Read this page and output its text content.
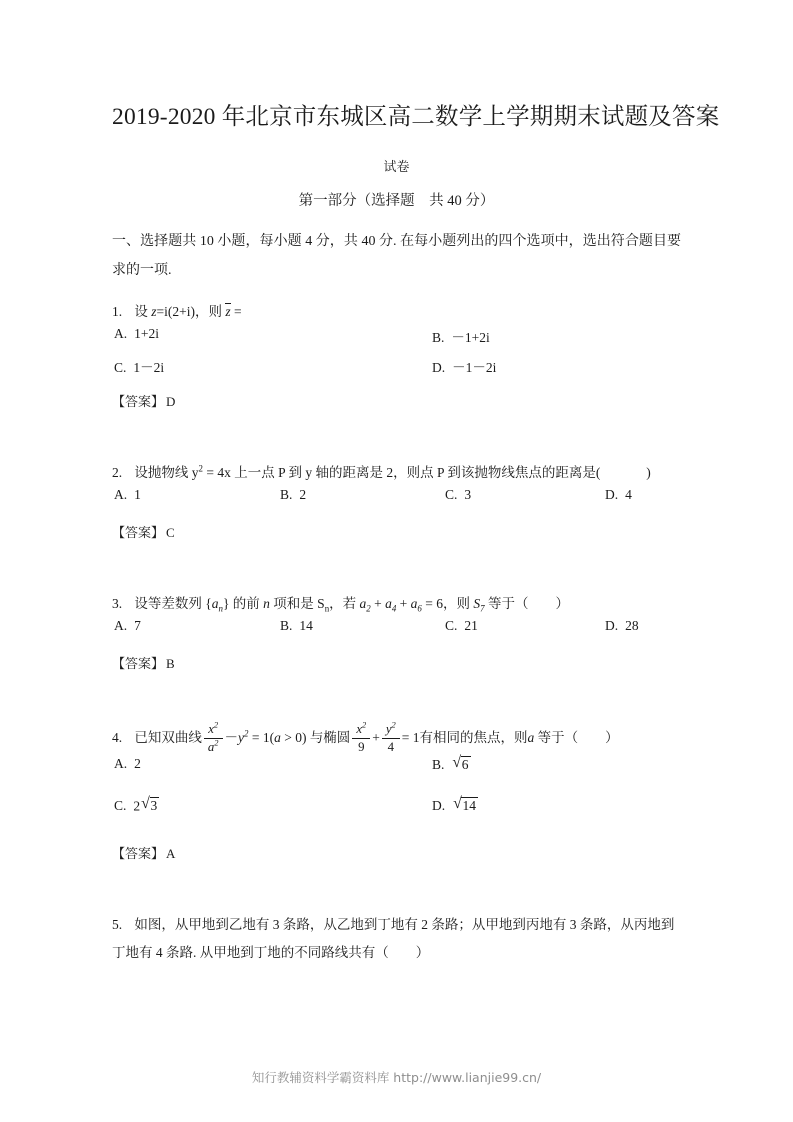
2019-2020 年北京市东城区高二数学上学期期末试题及答案
试卷
第一部分（选择题　共 40 分）
一、选择题共 10 小题，每小题 4 分，共 40 分. 在每小题列出的四个选项中，选出符合题目要求的一项.
1. 设 z=i(2+i)，则 z =
A. 1+2i	B. －1+2i
C. 1－2i	D. －1－2i
【答案】 D
2. 设抛物线 $y^2 = 4x$ 上一点 P 到 y 轴的距离是 2，则点 P 到该抛物线焦点的距离是(　　　)
A. 1	B. 2	C. 3	D. 4
【答案】 C
3. 设等差数列 $\{a_n\}$ 的前 n 项和是 $S_n$，若 $a_2 + a_4 + a_6 = 6$，则 $S_7$ 等于（　　）
A. 7	B. 14	C. 21	D. 28
【答案】 B
4. 已知双曲线 $\frac{x^2}{a^2} -y^2 = 1(a > 0)$ 与椭圆 $\frac{x^2}{9} + \frac{y^2}{4} = 1$有相同的焦点，则a 等于（　　）
A. 2	B. √ 6
C. 2 √ 3	D. √ 14
【答案】 A
5. 如图，从甲地到乙地有 3 条路，从乙地到丁地有 2 条路；从甲地到丙地有 3 条路，从丙地到丁地有 4 条路. 从甲地到丁地的不同路线共有（　　）
知行教辅资料学霸资料库 http://www.lianjie99.cn/
